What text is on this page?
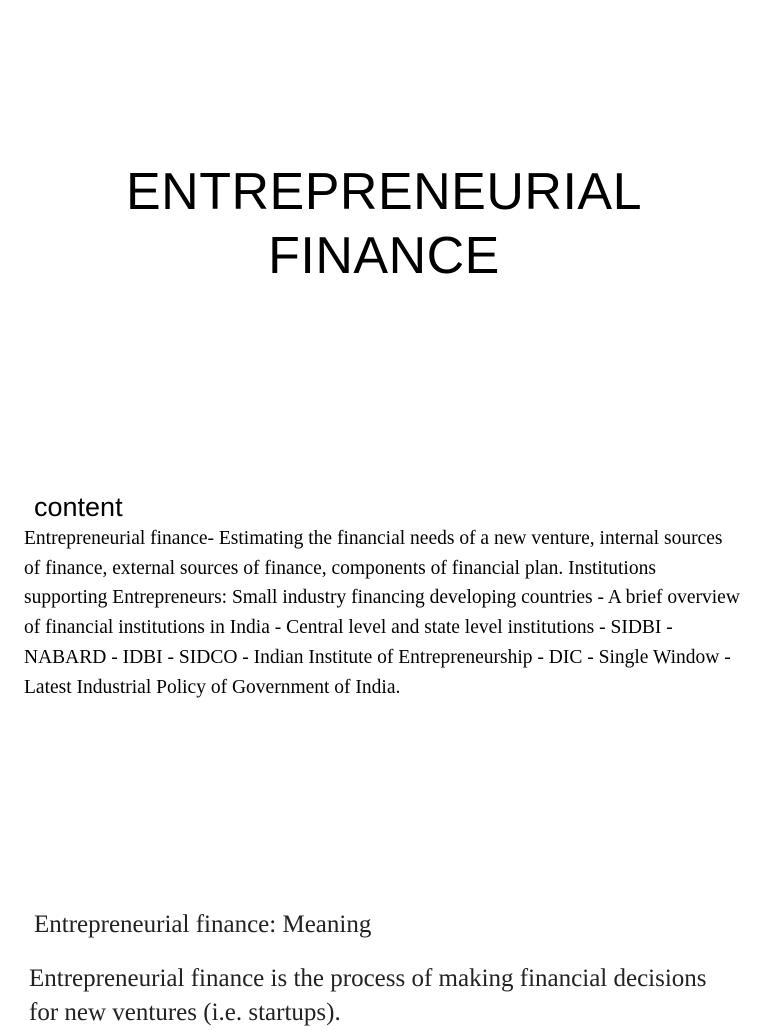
ENTREPRENEURIAL
FINANCE
content

Entrepreneurial finance- Estimating the financial needs of a new venture, internal sources of finance, external sources of finance, components of financial plan. Institutions supporting Entrepreneurs: Small industry financing developing countries - A brief overview of financial institutions in India - Central level and state level institutions - SIDBI - NABARD - IDBI - SIDCO - Indian Institute of Entrepreneurship - DIC - Single Window - Latest Industrial Policy of Government of India.

Entrepreneurial finance: Meaning

Entrepreneurial finance is the process of making financial decisions for new ventures (i.e. startups).
